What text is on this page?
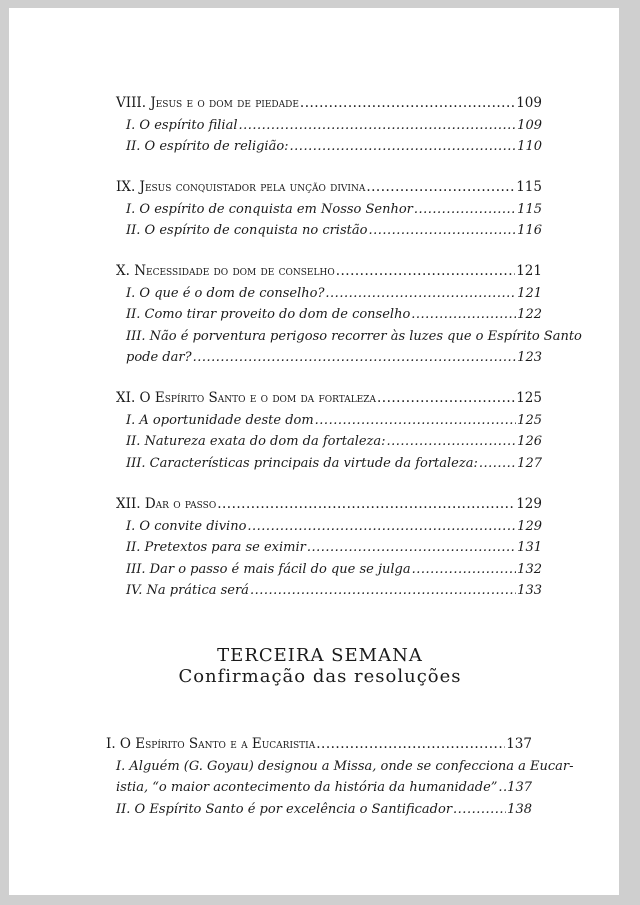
VIII. Jesus e o dom de piedade .....	109
I. O espírito filial .....	109
II. O espírito de religião: .....	110
IX. Jesus conquistador pela unção divina .....	115
I. O espírito de conquista em Nosso Senhor .....	115
II. O espírito de conquista no cristão .....	116
X. Necessidade do dom de conselho .....	121
I. O que é o dom de conselho? .....	121
II. Como tirar proveito do dom de conselho .....	122
III. Não é porventura perigoso recorrer às luzes que o Espírito Santo
pode dar? .....	123
XI. O Espírito Santo e o dom da fortaleza .....	125
I. A oportunidade deste dom .....	125
II. Natureza exata do dom da fortaleza: .....	126
III. Características principais da virtude da fortaleza: .....	127
XII. Dar o passo .....	129
I. O convite divino .....	129
II. Pretextos para se eximir .....	131
III. Dar o passo é mais fácil do que se julga .....	132
IV. Na prática será .....	133
TERCEIRA SEMANA
Confirmação das resoluções
I. O Espírito Santo e a Eucaristia .....	137
I. Alguém (G. Goyau) designou a Missa, onde se confecciona a Eucar-
istia, “o maior acontecimento da história da humanidade” ..... 137
II. O Espírito Santo é por excelência o Santificador .....	138
